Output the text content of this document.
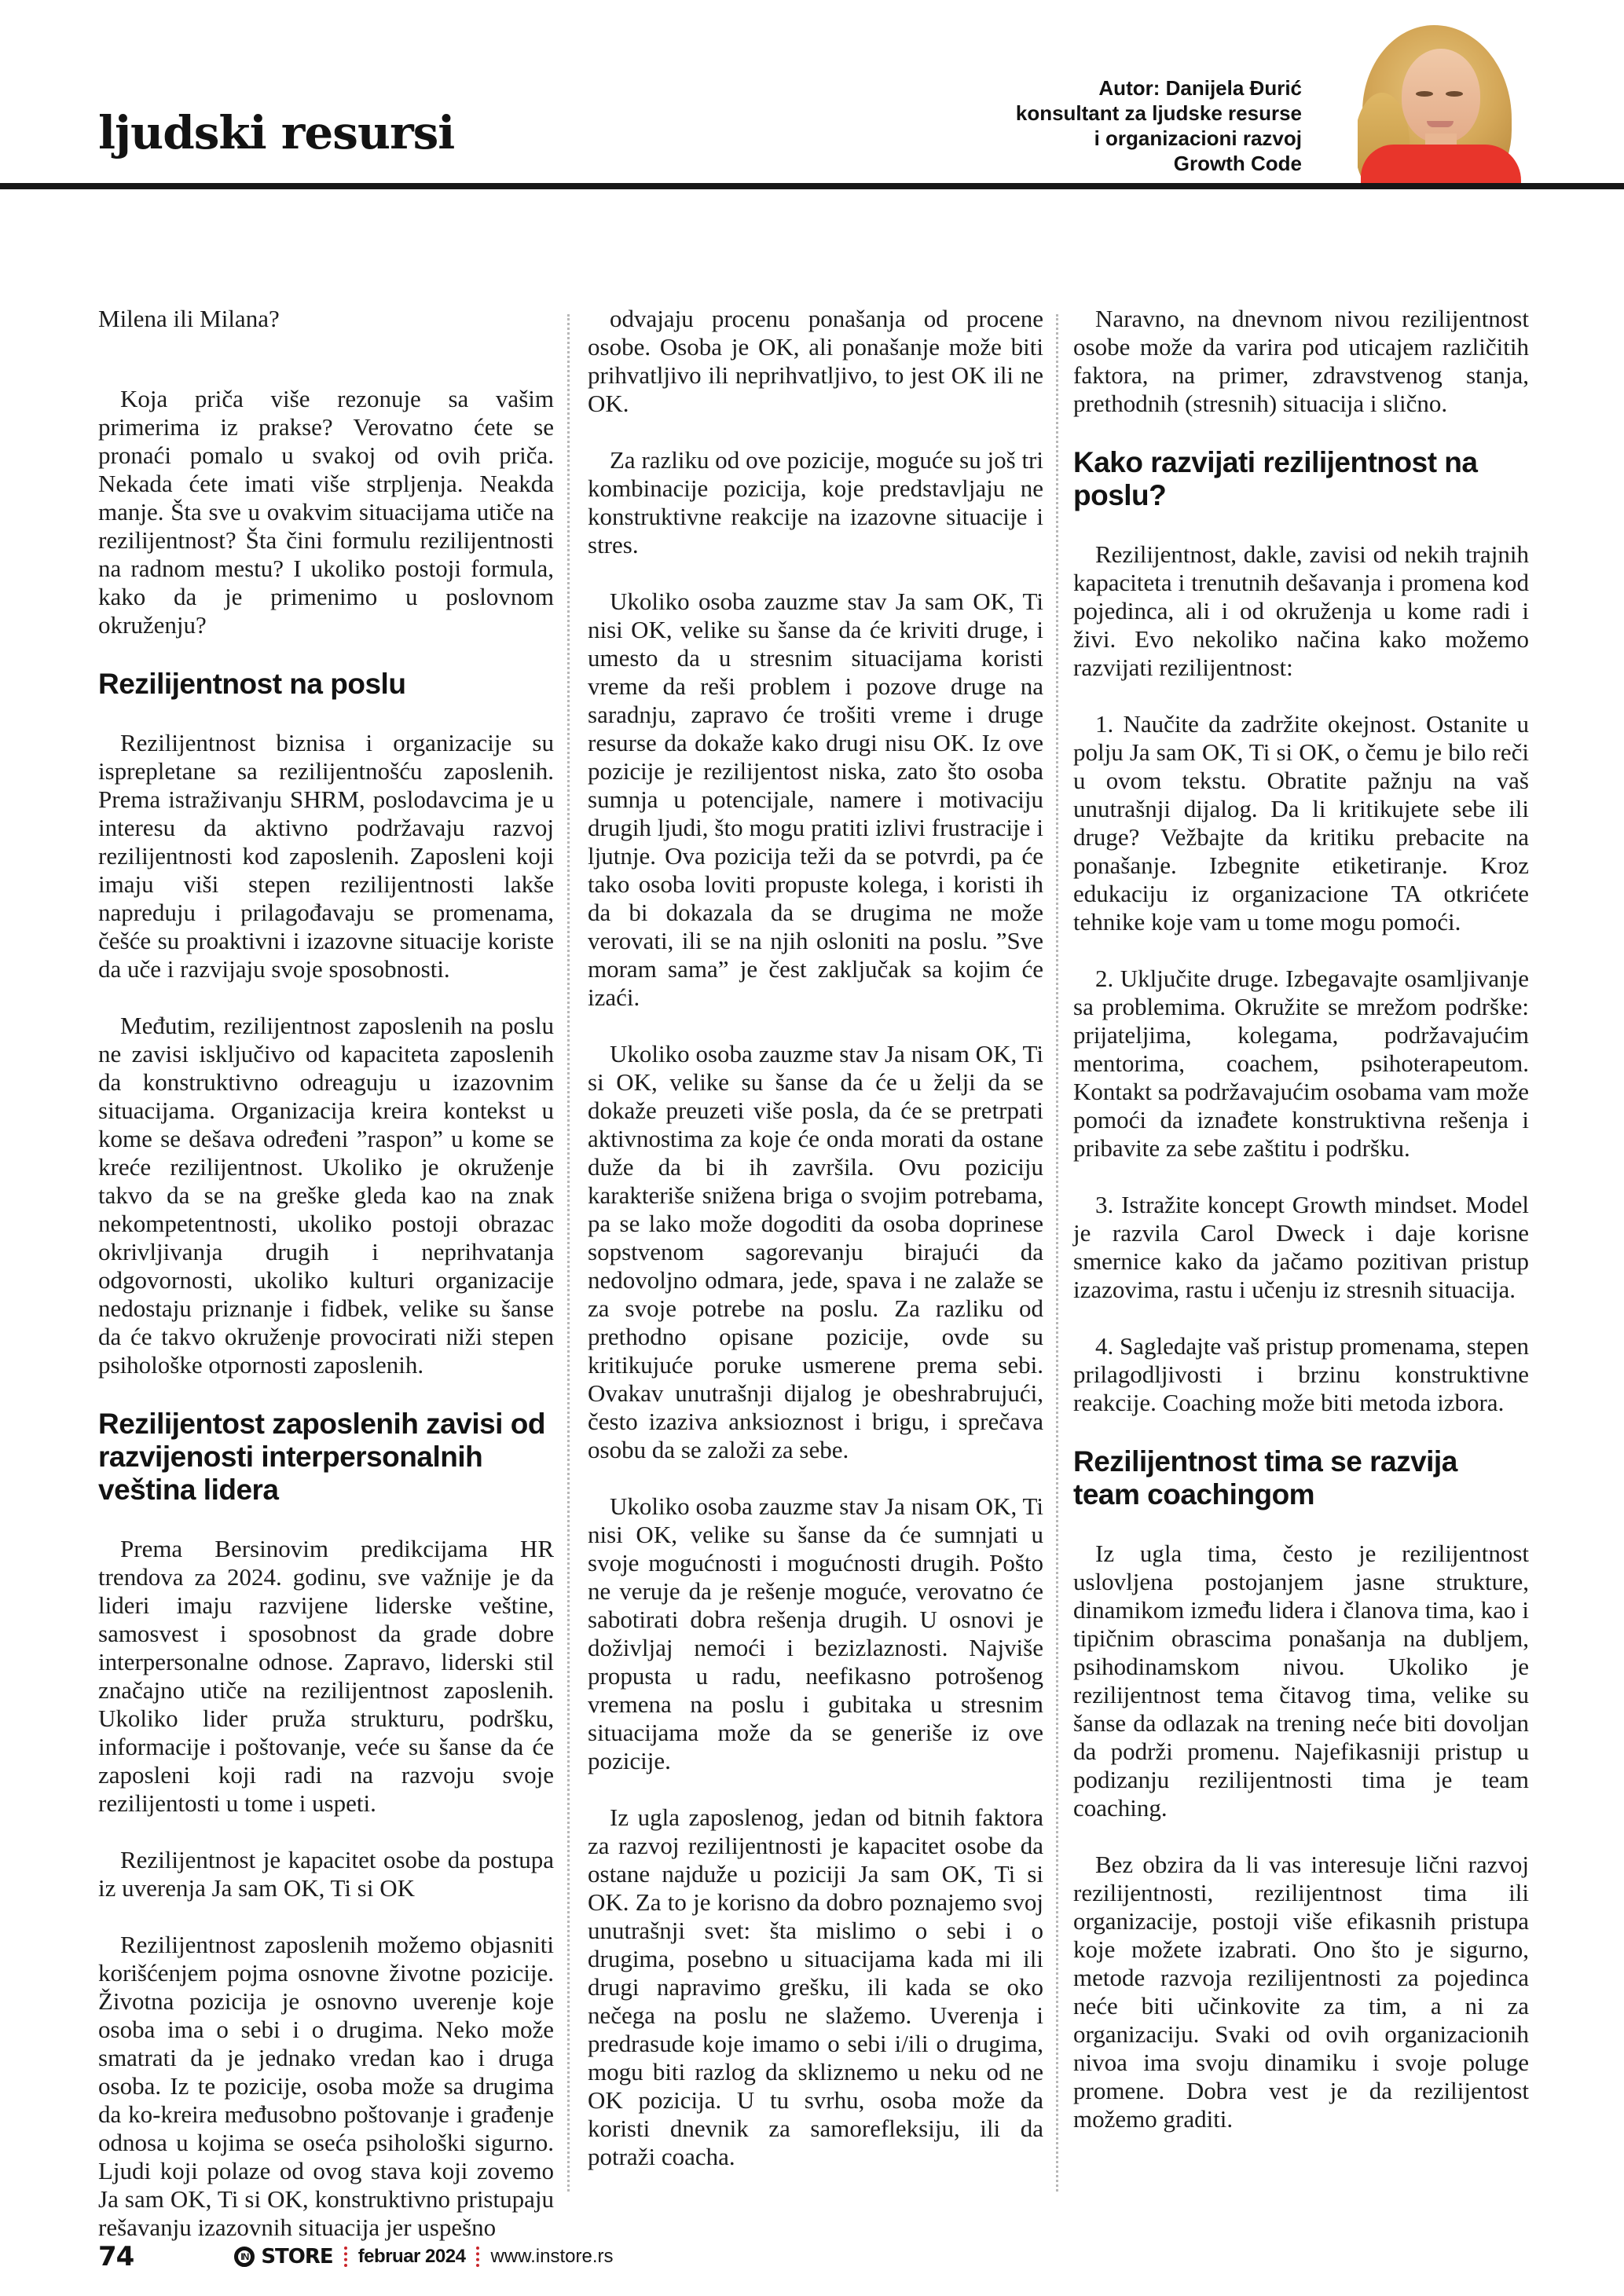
ljudski resursi
Autor: Danijela Đurić
konsultant za ljudske resurse
i organizacioni razvoj
Growth Code

Milena ili Milana?

Koja priča više rezonuje sa vašim primerima iz prakse? Verovatno ćete se pronaći pomalo u svakoj od ovih priča. Nekada ćete imati više strpljenja. Neakda manje. Šta sve u ovakvim situacijama utiče na rezilijentnost? Šta čini formulu rezilijentnosti na radnom mestu? I ukoliko postoji formula, kako da je primenimo u poslovnom okruženju?

Rezilijentnost na poslu

Rezilijentnost biznisa i organizacije su isprepletane sa rezilijentnošću zaposlenih. Prema istraživanju SHRM, poslodavcima je u interesu da aktivno podržavaju razvoj rezilijentnosti kod zaposlenih. Zaposleni koji imaju viši stepen rezilijentnosti lakše napreduju i prilagođavaju se promenama, češće su proaktivni i izazovne situacije koriste da uče i razvijaju svoje sposobnosti.

Međutim, rezilijentnost zaposlenih na poslu ne zavisi isključivo od kapaciteta zaposlenih da konstruktivno odreaguju u izazovnim situacijama. Organizacija kreira kontekst u kome se dešava određeni ”raspon” u kome se kreće rezilijentnost. Ukoliko je okruženje takvo da se na greške gleda kao na znak nekompetentnosti, ukoliko postoji obrazac okrivljivanja drugih i neprihvatanja odgovornosti, ukoliko kulturi organizacije nedostaju priznanje i fidbek, velike su šanse da će takvo okruženje provocirati niži stepen psihološke otpornosti zaposlenih.

Rezilijentost zaposlenih zavisi od razvijenosti interpersonalnih veština lidera

Prema Bersinovim predikcijama HR trendova za 2024. godinu, sve važnije je da lideri imaju razvijene liderske veštine, samosvest i sposobnost da grade dobre interpersonalne odnose. Zapravo, liderski stil značajno utiče na rezilijentnost zaposlenih. Ukoliko lider pruža strukturu, podršku, informacije i poštovanje, veće su šanse da će zaposleni koji radi na razvoju svoje rezilijentosti u tome i uspeti.

Rezilijentnost je kapacitet osobe da postupa iz uverenja Ja sam OK, Ti si OK

Rezilijentnost zaposlenih možemo objasniti korišćenjem pojma osnovne životne pozicije. Životna pozicija je osnovno uverenje koje osoba ima o sebi i o drugima. Neko može smatrati da je jednako vredan kao i druga osoba. Iz te pozicije, osoba može sa drugima da ko-kreira međusobno poštovanje i građenje odnosa u kojima se oseća psihološki sigurno. Ljudi koji polaze od ovog stava koji zovemo Ja sam OK, Ti si OK, konstruktivno pristupaju rešavanju izazovnih situacija jer uspešno

odvajaju procenu ponašanja od procene osobe. Osoba je OK, ali ponašanje može biti prihvatljivo ili neprihvatljivo, to jest OK ili ne OK.

Za razliku od ove pozicije, moguće su još tri kombinacije pozicija, koje predstavljaju ne konstruktivne reakcije na izazovne situacije i stres.

Ukoliko osoba zauzme stav Ja sam OK, Ti nisi OK, velike su šanse da će kriviti druge, i umesto da u stresnim situacijama koristi vreme da reši problem i pozove druge na saradnju, zapravo će trošiti vreme i druge resurse da dokaže kako drugi nisu OK. Iz ove pozicije je rezilijentost niska, zato što osoba sumnja u potencijale, namere i motivaciju drugih ljudi, što mogu pratiti izlivi frustracije i ljutnje. Ova pozicija teži da se potvrdi, pa će tako osoba loviti propuste kolega, i koristi ih da bi dokazala da se drugima ne može verovati, ili se na njih osloniti na poslu. ”Sve moram sama” je čest zaključak sa kojim će izaći.

Ukoliko osoba zauzme stav Ja nisam OK, Ti si OK, velike su šanse da će u želji da se dokaže preuzeti više posla, da će se pretrpati aktivnostima za koje će onda morati da ostane duže da bi ih završila. Ovu poziciju karakteriše snižena briga o svojim potrebama, pa se lako može dogoditi da osoba doprinese sopstvenom sagorevanju birajući da nedovoljno odmara, jede, spava i ne zalaže se za svoje potrebe na poslu. Za razliku od prethodno opisane pozicije, ovde su kritikujuće poruke usmerene prema sebi. Ovakav unutrašnji dijalog je obeshrabrujući, često izaziva anksioznost i brigu, i sprečava osobu da se založi za sebe.

Ukoliko osoba zauzme stav Ja nisam OK, Ti nisi OK, velike su šanse da će sumnjati u svoje mogućnosti i mogućnosti drugih. Pošto ne veruje da je rešenje moguće, verovatno će sabotirati dobra rešenja drugih. U osnovi je doživljaj nemoći i bezizlaznosti. Najviše propusta u radu, neefikasno potrošenog vremena na poslu i gubitaka u stresnim situacijama može da se generiše iz ove pozicije.

Iz ugla zaposlenog, jedan od bitnih faktora za razvoj rezilijentnosti je kapacitet osobe da ostane najduže u poziciji Ja sam OK, Ti si OK. Za to je korisno da dobro poznajemo svoj unutrašnji svet: šta mislimo o sebi i o drugima, posebno u situacijama kada mi ili drugi napravimo grešku, ili kada se oko nečega na poslu ne slažemo. Uverenja i predrasude koje imamo o sebi i/ili o drugima, mogu biti razlog da skliznemo u neku od ne OK pozicija. U tu svrhu, osoba može da koristi dnevnik za samorefleksiju, ili da potraži coacha.

Naravno, na dnevnom nivou rezilijentnost osobe može da varira pod uticajem različitih faktora, na primer, zdravstvenog stanja, prethodnih (stresnih) situacija i slično.

Kako razvijati rezilijentnost na poslu?

Rezilijentnost, dakle, zavisi od nekih trajnih kapaciteta i trenutnih dešavanja i promena kod pojedinca, ali i od okruženja u kome radi i živi. Evo nekoliko načina kako možemo razvijati rezilijentnost:

1. Naučite da zadržite okejnost. Ostanite u polju Ja sam OK, Ti si OK, o čemu je bilo reči u ovom tekstu. Obratite pažnju na vaš unutrašnji dijalog. Da li kritikujete sebe ili druge? Vežbajte da kritiku prebacite na ponašanje. Izbegnite etiketiranje. Kroz edukaciju iz organizacione TA otkrićete tehnike koje vam u tome mogu pomoći.

2. Uključite druge. Izbegavajte osamljivanje sa problemima. Okružite se mrežom podrške: prijateljima, kolegama, podržavajućim mentorima, coachem, psihoterapeutom. Kontakt sa podržavajućim osobama vam može pomoći da iznađete konstruktivna rešenja i pribavite za sebe zaštitu i podršku.

3. Istražite koncept Growth mindset. Model je razvila Carol Dweck i daje korisne smernice kako da jačamo pozitivan pristup izazovima, rastu i učenju iz stresnih situacija.

4. Sagledajte vaš pristup promenama, stepen prilagodljivosti i brzinu konstruktivne reakcije. Coaching može biti metoda izbora.

Rezilijentnost tima se razvija team coachingom

Iz ugla tima, često je rezilijentnost uslovljena postojanjem jasne strukture, dinamikom između lidera i članova tima, kao i tipičnim obrascima ponašanja na dubljem, psihodinamskom nivou. Ukoliko je rezilijentnost tema čitavog tima, velike su šanse da odlazak na trening neće biti dovoljan da podrži promenu. Najefikasniji pristup u podizanju rezilijentnosti tima je team coaching.

Bez obzira da li vas interesuje lični razvoj rezilijentnosti, rezilijentnost tima ili organizacije, postoji više efikasnih pristupa koje možete izabrati. Ono što je sigurno, metode razvoja rezilijentnosti za pojedinca neće biti učinkovite za tim, a ni za organizaciju. Svaki od ovih organizacionih nivoa ima svoju dinamiku i svoje poluge promene. Dobra vest je da rezilijentost možemo graditi.

74	IN STORE februar 2024 www.instore.rs
